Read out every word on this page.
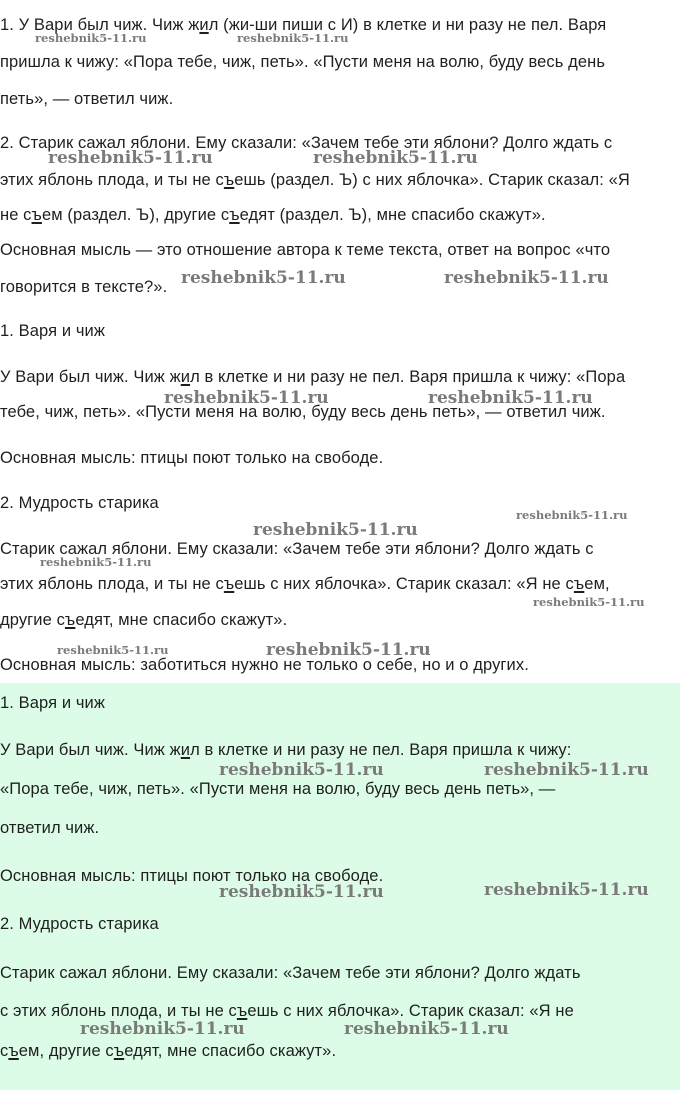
1. У Вари был чиж. Чиж жил (жи-ши пиши с И) в клетке и ни разу не пел. Варя

пришла к чижу: «Пора тебе, чиж, петь». «Пусти меня на волю, буду весь день

петь», — ответил чиж.

2. Старик сажал яблони. Ему сказали: «Зачем тебе эти яблони? Долго ждать с

этих яблонь плода, и ты не съешь (раздел. Ъ) с них яблочка». Старик сказал: «Я

не съем (раздел. Ъ), другие съедят (раздел. Ъ), мне спасибо скажут».

Основная мысль — это отношение автора к теме текста, ответ на вопрос «что

говорится в тексте?».

1. Варя и чиж

У Вари был чиж. Чиж жил в клетке и ни разу не пел. Варя пришла к чижу: «Пора

тебе, чиж, петь». «Пусти меня на волю, буду весь день петь», — ответил чиж.

Основная мысль: птицы поют только на свободе.

2. Мудрость старика

Старик сажал яблони. Ему сказали: «Зачем тебе эти яблони? Долго ждать с

этих яблонь плода, и ты не съешь с них яблочка». Старик сказал: «Я не съем,

другие съедят, мне спасибо скажут».

Основная мысль: заботиться нужно не только о себе, но и о других.

1. Варя и чиж

У Вари был чиж. Чиж жил в клетке и ни разу не пел. Варя пришла к чижу:

«Пора тебе, чиж, петь». «Пусти меня на волю, буду весь день петь», —

ответил чиж.

Основная мысль: птицы поют только на свободе.

2. Мудрость старика

Старик сажал яблони. Ему сказали: «Зачем тебе эти яблони? Долго ждать

с этих яблонь плода, и ты не съешь с них яблочка». Старик сказал: «Я не

съем, другие съедят, мне спасибо скажут».

reshebnik5-11.ru	reshebnik5-11.ru
reshebnik5-11.ru	reshebnik5-11.ru
reshebnik5-11.ru	reshebnik5-11.ru
reshebnik5-11.ru	reshebnik5-11.ru
reshebnik5-11.ru
reshebnik5-11.ru
reshebnik5-11.ru
reshebnik5-11.ru
reshebnik5-11.ru	reshebnik5-11.ru
reshebnik5-11.ru	reshebnik5-11.ru
reshebnik5-11.ru	reshebnik5-11.ru
reshebnik5-11.ru	reshebnik5-11.ru
